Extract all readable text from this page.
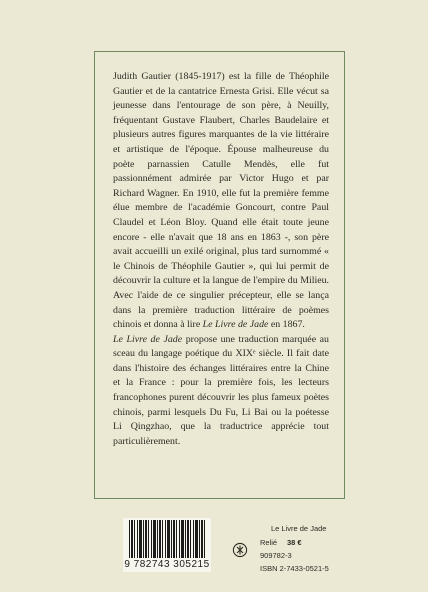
Judith Gautier (1845-1917) est la fille de Théophile Gautier et de la cantatrice Ernesta Grisi. Elle vécut sa jeunesse dans l'entourage de son père, à Neuilly, fréquentant Gustave Flaubert, Charles Baudelaire et plusieurs autres figures marquantes de la vie littéraire et artistique de l'époque. Épouse malheureuse du poète parnassien Catulle Mendès, elle fut passionnément admirée par Victor Hugo et par Richard Wagner. En 1910, elle fut la première femme élue membre de l'académie Goncourt, contre Paul Claudel et Léon Bloy. Quand elle était toute jeune encore - elle n'avait que 18 ans en 1863 -, son père avait accueilli un exilé original, plus tard surnommé « le Chinois de Théophile Gautier », qui lui permit de découvrir la culture et la langue de l'empire du Milieu. Avec l'aide de ce singulier précepteur, elle se lança dans la première traduction littéraire de poèmes chinois et donna à lire Le Livre de Jade en 1867.

Le Livre de Jade propose une traduction marquée au sceau du langage poétique du XIXᵉ siècle. Il fait date dans l'histoire des échanges littéraires entre la Chine et la France : pour la première fois, les lecteurs francophones purent découvrir les plus fameux poètes chinois, parmi lesquels Du Fu, Li Bai ou la poétesse Li Qingzhao, que la traductrice apprécie tout particulièrement.

9 782743 305215
Le Livre de Jade
Relié 38 €
909782-3
ISBN 2-7433-0521-5
